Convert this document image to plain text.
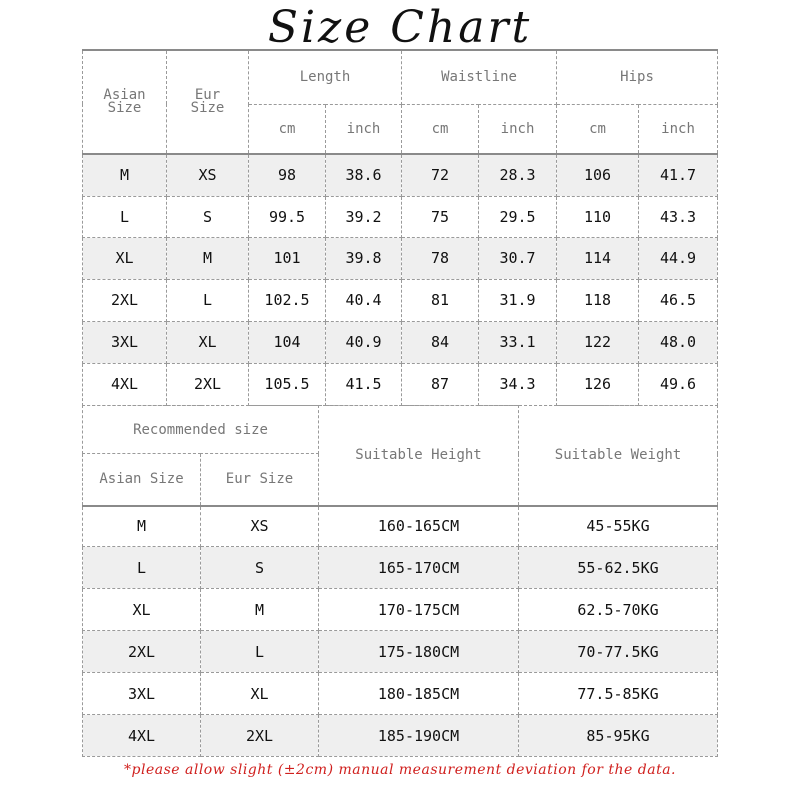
Size Chart
Asian Size	Eur Size	Length		Waistline		Hips	
		cm	inch	cm	inch	cm	inch
M	XS	98	38.6	72	28.3	106	41.7
L	S	99.5	39.2	75	29.5	110	43.3
XL	M	101	39.8	78	30.7	114	44.9
2XL	L	102.5	40.4	81	31.9	118	46.5
3XL	XL	104	40.9	84	33.1	122	48.0
4XL	2XL	105.5	41.5	87	34.3	126	49.6
Recommended size		Suitable Height	Suitable Weight
Asian Size	Eur Size		
M	XS	160-165CM	45-55KG
L	S	165-170CM	55-62.5KG
XL	M	170-175CM	62.5-70KG
2XL	L	175-180CM	70-77.5KG
3XL	XL	180-185CM	77.5-85KG
4XL	2XL	185-190CM	85-95KG
*please allow slight (±2cm) manual measurement deviation for the data.
